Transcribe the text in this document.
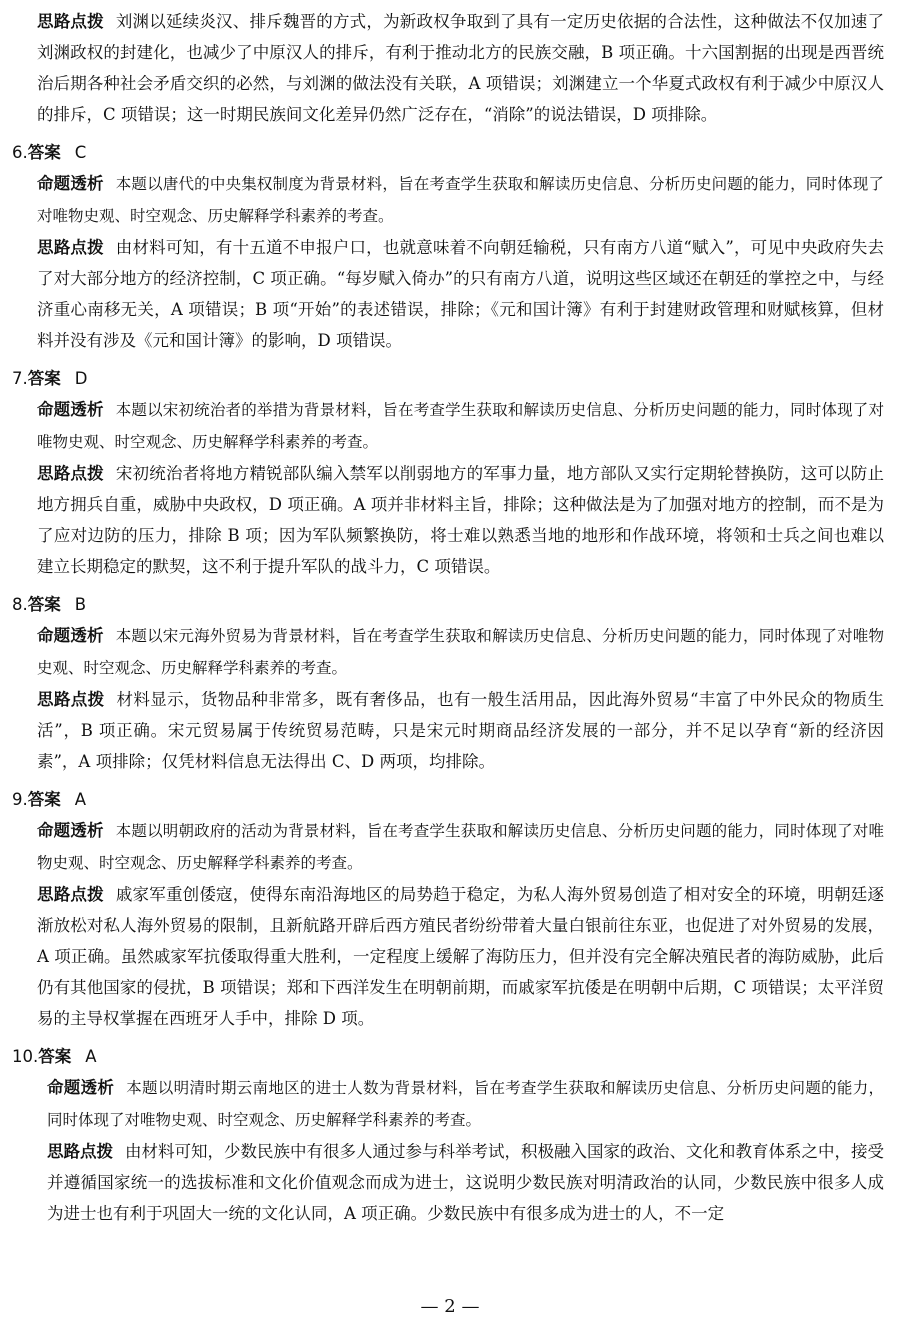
思路点拨 刘渊以延续炎汉、排斥魏晋的方式，为新政权争取到了具有一定历史依据的合法性，这种做法不仅加速了刘渊政权的封建化，也减少了中原汉人的排斥，有利于推动北方的民族交融，B 项正确。十六国割据的出现是西晋统治后期各种社会矛盾交织的必然，与刘渊的做法没有关联，A 项错误；刘渊建立一个华夏式政权有利于减少中原汉人的排斥，C 项错误；这一时期民族间文化差异仍然广泛存在，“消除”的说法错误，D 项排除。

6.答案 C

命题透析 本题以唐代的中央集权制度为背景材料，旨在考查学生获取和解读历史信息、分析历史问题的能力，同时体现了对唯物史观、时空观念、历史解释学科素养的考查。

思路点拨 由材料可知，有十五道不申报户口，也就意味着不向朝廷输税，只有南方八道“赋入”，可见中央政府失去了对大部分地方的经济控制，C 项正确。“每岁赋入倚办”的只有南方八道，说明这些区域还在朝廷的掌控之中，与经济重心南移无关，A 项错误；B 项“开始”的表述错误，排除；《元和国计簿》有利于封建财政管理和财赋核算，但材料并没有涉及《元和国计簿》的影响，D 项错误。

7.答案 D

命题透析 本题以宋初统治者的举措为背景材料，旨在考查学生获取和解读历史信息、分析历史问题的能力，同时体现了对唯物史观、时空观念、历史解释学科素养的考查。

思路点拨 宋初统治者将地方精锐部队编入禁军以削弱地方的军事力量，地方部队又实行定期轮替换防，这可以防止地方拥兵自重，威胁中央政权，D 项正确。A 项并非材料主旨，排除；这种做法是为了加强对地方的控制，而不是为了应对边防的压力，排除 B 项；因为军队频繁换防，将士难以熟悉当地的地形和作战环境，将领和士兵之间也难以建立长期稳定的默契，这不利于提升军队的战斗力，C 项错误。

8.答案 B

命题透析 本题以宋元海外贸易为背景材料，旨在考查学生获取和解读历史信息、分析历史问题的能力，同时体现了对唯物史观、时空观念、历史解释学科素养的考查。

思路点拨 材料显示，货物品种非常多，既有奢侈品，也有一般生活用品，因此海外贸易“丰富了中外民众的物质生活”，B 项正确。宋元贸易属于传统贸易范畴，只是宋元时期商品经济发展的一部分，并不足以孕育“新的经济因素”，A 项排除；仅凭材料信息无法得出 C、D 两项，均排除。

9.答案 A

命题透析 本题以明朝政府的活动为背景材料，旨在考查学生获取和解读历史信息、分析历史问题的能力，同时体现了对唯物史观、时空观念、历史解释学科素养的考查。

思路点拨 戚家军重创倭寇，使得东南沿海地区的局势趋于稳定，为私人海外贸易创造了相对安全的环境，明朝廷逐渐放松对私人海外贸易的限制，且新航路开辟后西方殖民者纷纷带着大量白银前往东亚，也促进了对外贸易的发展，A 项正确。虽然戚家军抗倭取得重大胜利，一定程度上缓解了海防压力，但并没有完全解决殖民者的海防威胁，此后仍有其他国家的侵扰，B 项错误；郑和下西洋发生在明朝前期，而戚家军抗倭是在明朝中后期，C 项错误；太平洋贸易的主导权掌握在西班牙人手中，排除 D 项。

10.答案 A

命题透析 本题以明清时期云南地区的进士人数为背景材料，旨在考查学生获取和解读历史信息、分析历史问题的能力，同时体现了对唯物史观、时空观念、历史解释学科素养的考查。

思路点拨 由材料可知，少数民族中有很多人通过参与科举考试，积极融入国家的政治、文化和教育体系之中，接受并遵循国家统一的选拔标准和文化价值观念而成为进士，这说明少数民族对明清政治的认同，少数民族中很多人成为进士也有利于巩固大一统的文化认同，A 项正确。少数民族中有很多成为进士的人，不一定

— 2 —
